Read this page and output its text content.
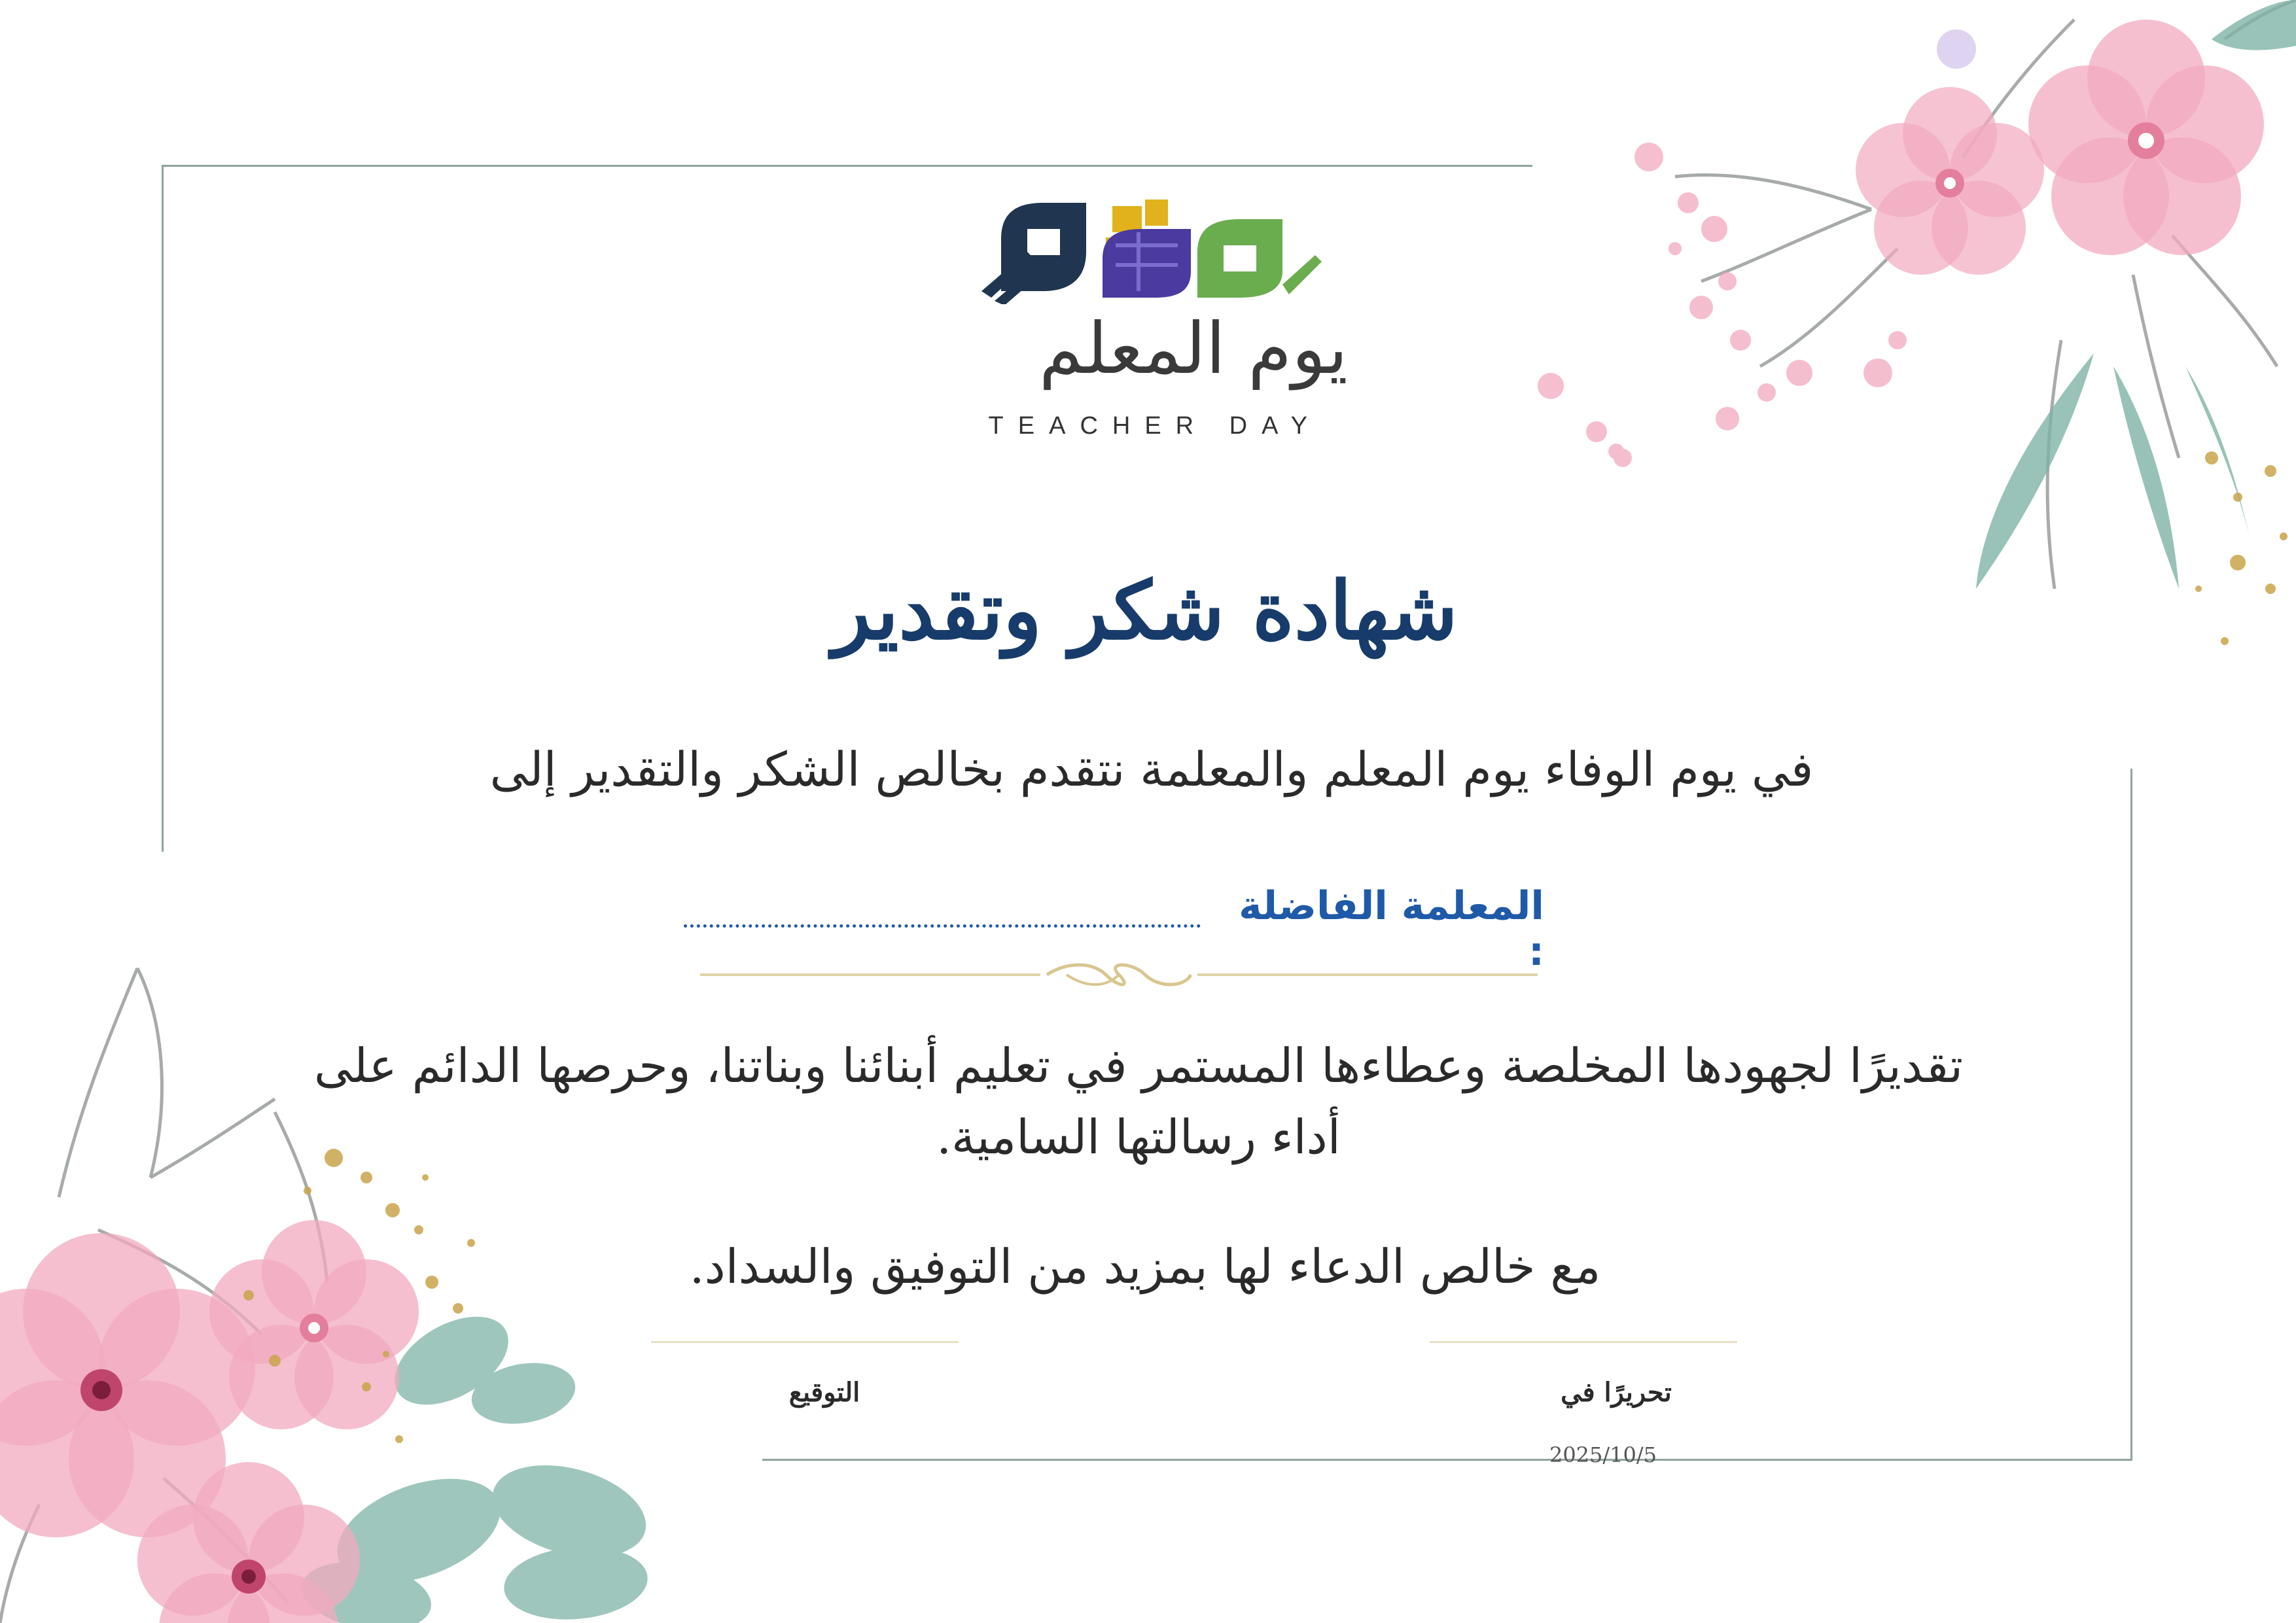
يوم المعلم
TEACHER DAY
شهادة شكر وتقدير
في يوم الوفاء يوم المعلم والمعلمة نتقدم بخالص الشكر والتقدير إلى
المعلمة الفاضلة :
تقديرًا لجهودها المخلصة وعطاءها المستمر في تعليم أبنائنا وبناتنا، وحرصها الدائم على
أداء رسالتها السامية.
مع خالص الدعاء لها بمزيد من التوفيق والسداد.
التوقيع	تحريرًا في
2025/10/5
